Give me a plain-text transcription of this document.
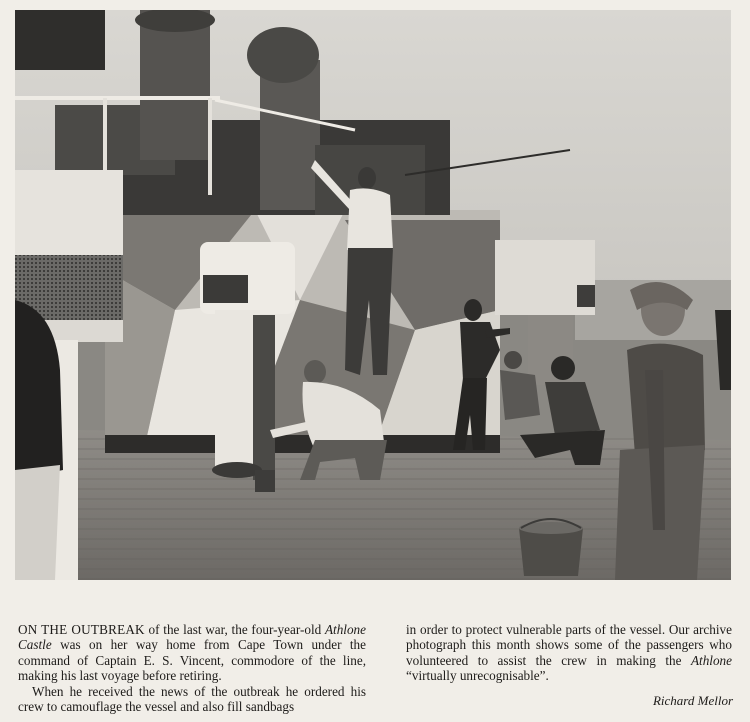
ON THE OUTBREAK of the last war, the four-year-old Athlone Castle was on her way home from Cape Town under the command of Captain E. S. Vincent, commodore of the line, making his last voyage before retiring.

When he received the news of the outbreak he ordered his crew to camouflage the vessel and also fill sandbags

in order to protect vulnerable parts of the vessel. Our archive photograph this month shows some of the passengers who volunteered to assist the crew in making the Athlone “virtually unrecognisable”.

Richard Mellor
